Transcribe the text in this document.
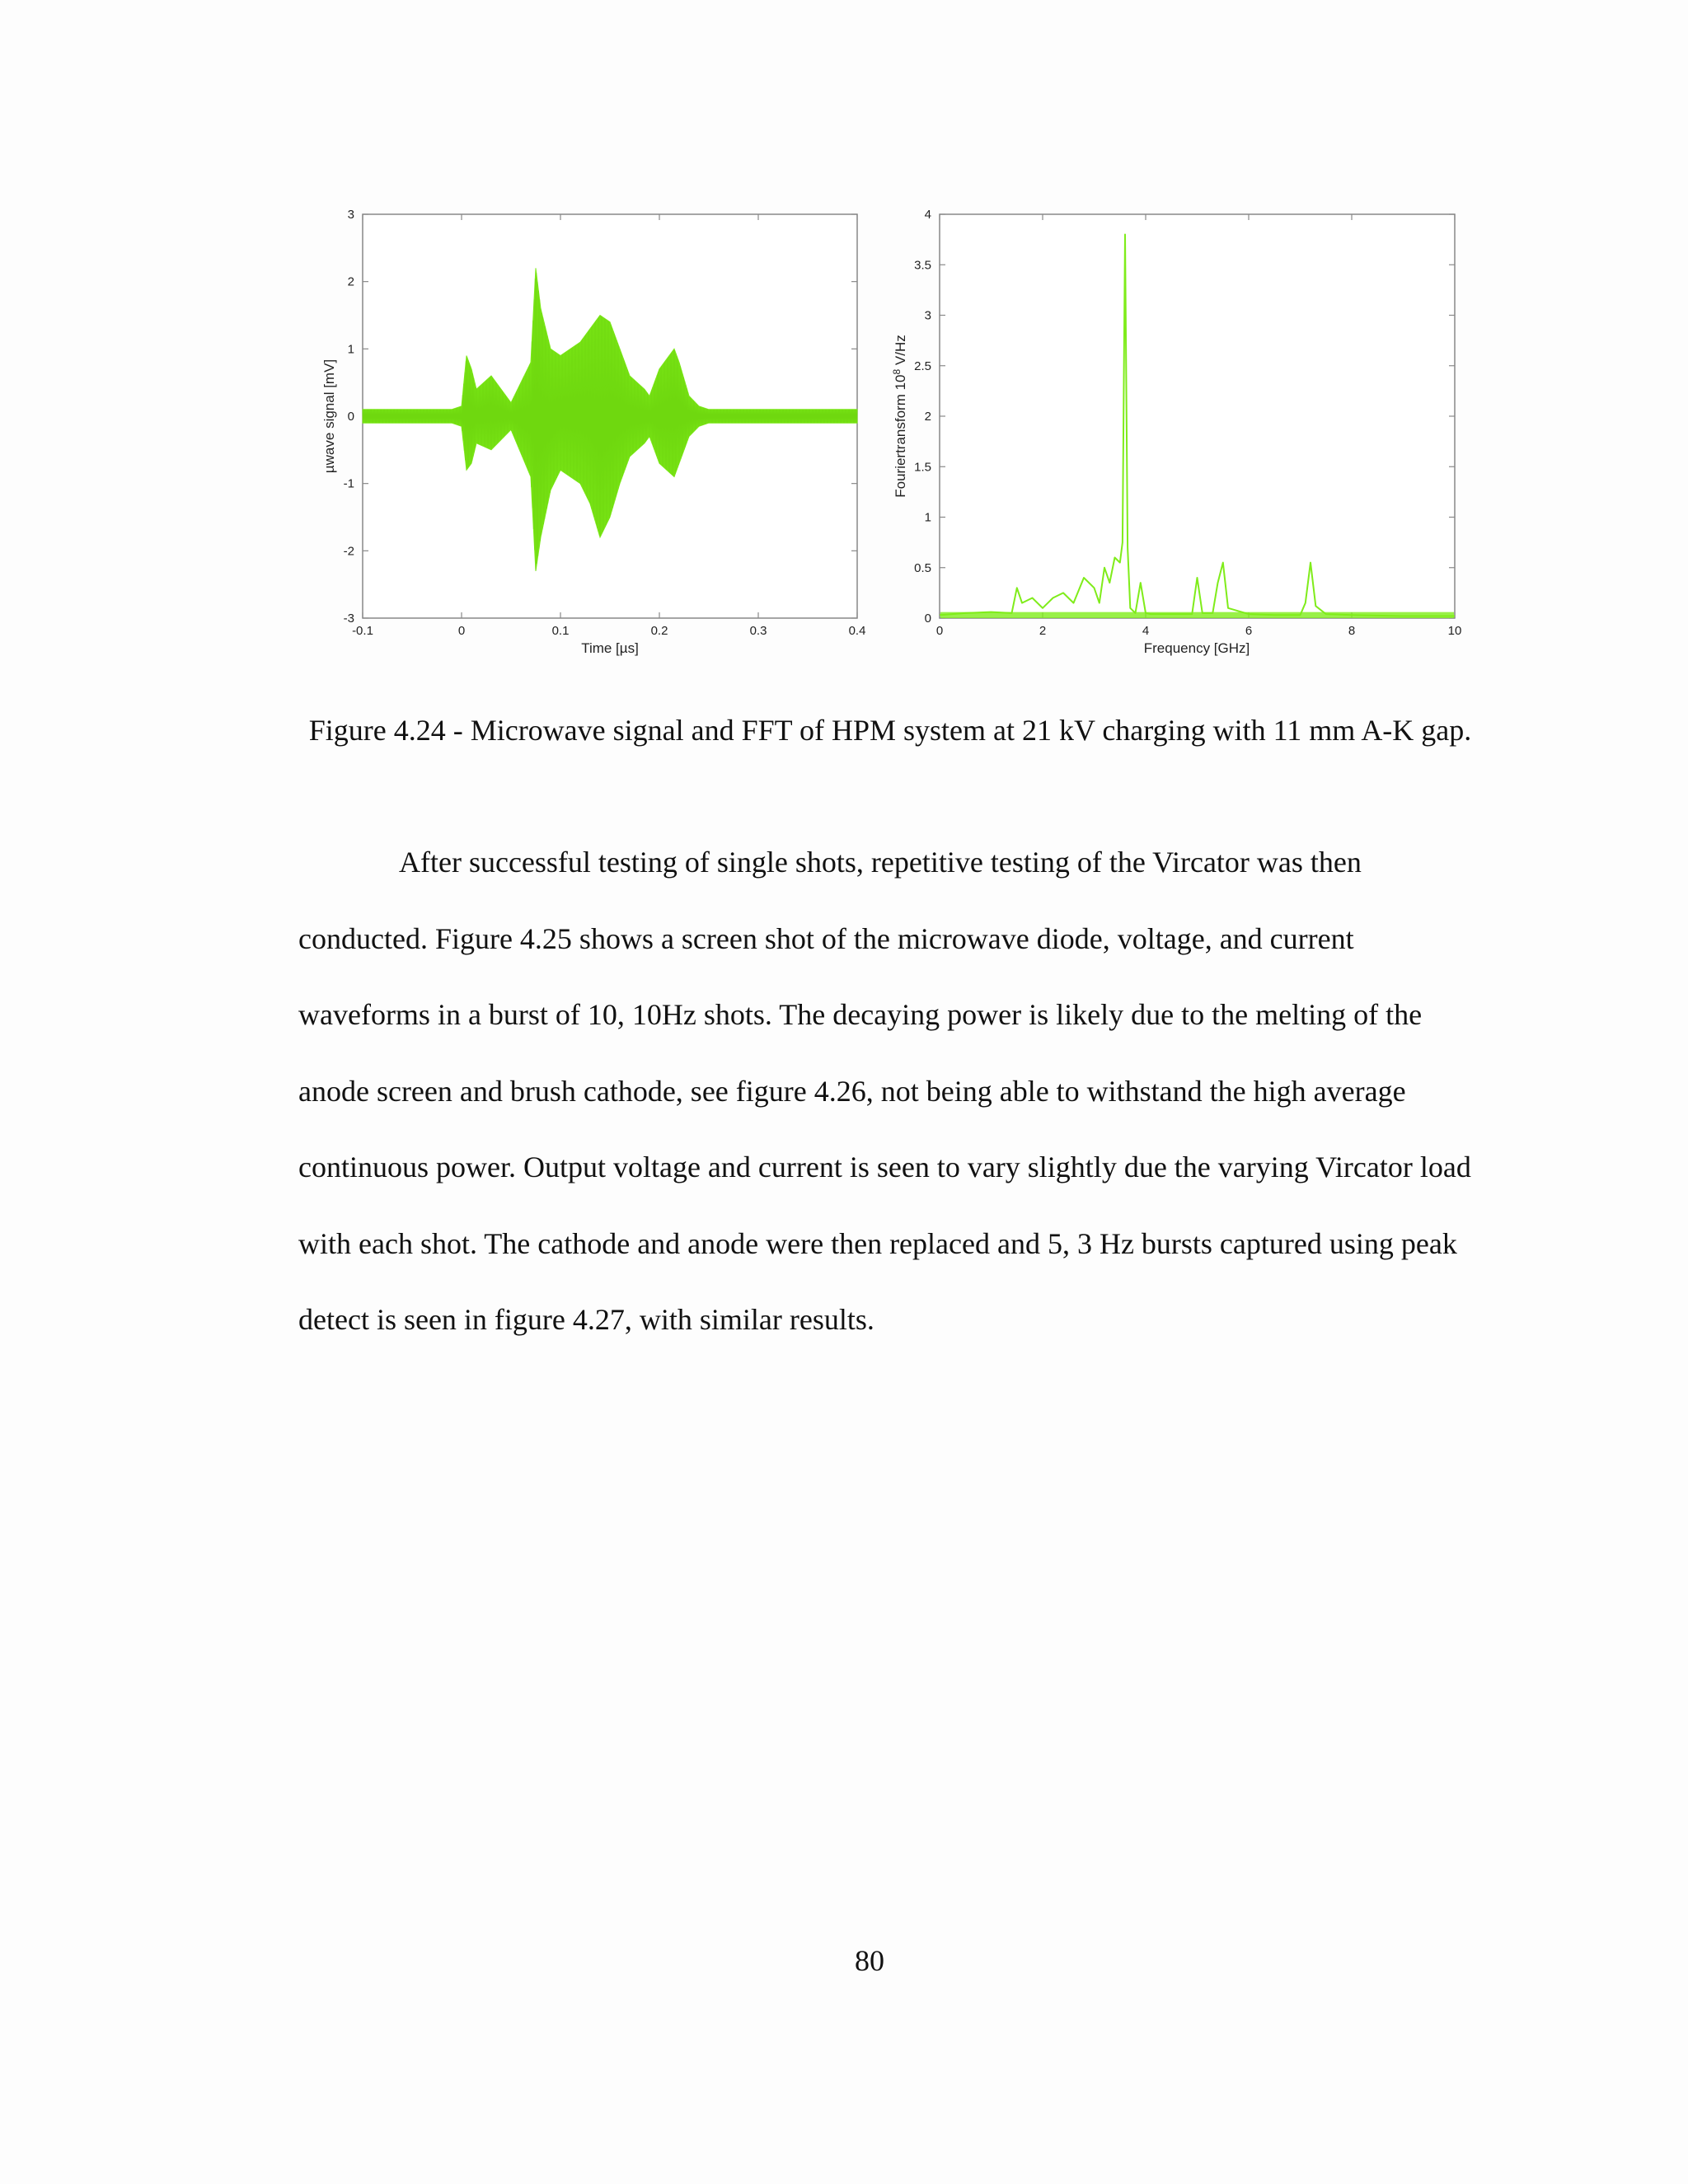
-0.1	0	0.1	0.2	0.3	0.4
-3
-2
-1
0
1
2
3
0	2	4	6	8	10
0
0.5
1
1.5
2
2.5
3
3.5
4
Time [µs]
µwave signal [mV]
Frequency [GHz]
Fouriertransform $10^8$ V/Hz
Figure 4.24 - Microwave signal and FFT of HPM system at 21 kV charging with 11 mm A-K gap.

After successful testing of single shots, repetitive testing of the Vircator was then conducted. Figure 4.25 shows a screen shot of the microwave diode, voltage, and current waveforms in a burst of 10, 10Hz shots. The decaying power is likely due to the melting of the anode screen and brush cathode, see figure 4.26, not being able to withstand the high average continuous power. Output voltage and current is seen to vary slightly due the varying Vircator load with each shot. The cathode and anode were then replaced and 5, 3 Hz bursts captured using peak detect is seen in figure 4.27, with similar results.

80
